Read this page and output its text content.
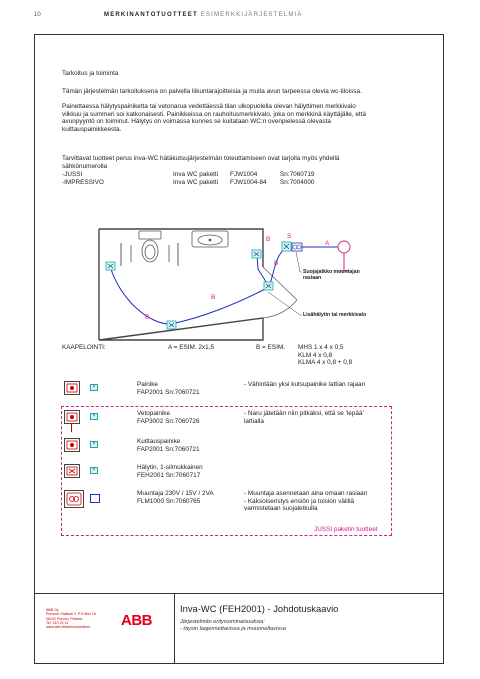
10	MERKINANTOTUOTTEET ESIMERKKIJÄRJESTELMIÄ
Tarkoitus ja toiminta
Tämän järjestelmän tarkoituksena on palvella liikuntarajoitteisia ja muita avun tarpeessa olevia wc-tiloissa.
Painettaessa hälytyspainiketta tai vetonarua vedettäessä tilan ulkopuolella olevan hälyttimen merkkivalo
vilkkuu ja summeri soi katkonaisesti. Painikkeissa on rauhoitusmerkkivalo, joka on merkkinä käyttäjälle, että
avunpyyntö on toiminut. Hälytys on voimassa kunnes se kuitataan WC:n ovenpielessä olevasta
kuittauspainikkeesta.
Tarvittavat tuotteet perus inva-WC hätäkutsujärjestelmän toteuttamiseen ovat tarjolla myös yhdellä
sähkönumerolla
-JUSSI	Inva WC paketti FJW1004	Sn:7060719
-IMPRESSIVO	Inva WC paketti FJW1004-84 Sn:7004000
B
B
B
B
A
S
Suojajatkko muuntajan
rasiaan
Lisähälytin tai merkkivalo
KAAPELOINTI:	A = ESIM. 2x1,5	B = ESIM. MHS 1 x 4 x 0,5
KLM 4 x 0,8
KLMA 4 x 0,8 + 0,8
×	Painike
FAP2001 Sn:7060721
- Vähintään yksi kutsupainike lattian rajaan
×	Vetopainike
FAP3002 Sn:7060726
- Naru jätetään niin pitkäksi, että se 'lepää'
lattialla
×	Kuittauspainike
FAP2001 Sn:7060721
×	Hälytin, 1-silmukkainen
FEH2001 Sn:7060717
Muuntaja 230V / 15V / 2VA
FLM1000 Sn:7060765
- Muuntaja asennetaan aina omaan rasiaan
- Kaksoiseristys ensiön ja toision välillä
varmistetaan suojaletkulla
JUSSI paketin tuotteet
ABB Oy
Porvoon Sisäkoti 2, P.O.Box 16
06101 Porvoo, Finland
Tel. 010 22 11
www.abb.fi/asennustuotteet	ABB
Inva-WC (FEH2001) - Johdotuskaavio
Järjestelmän erityisominaisuuksia:
- täysin laajennettavissa ja muunneltavissa
